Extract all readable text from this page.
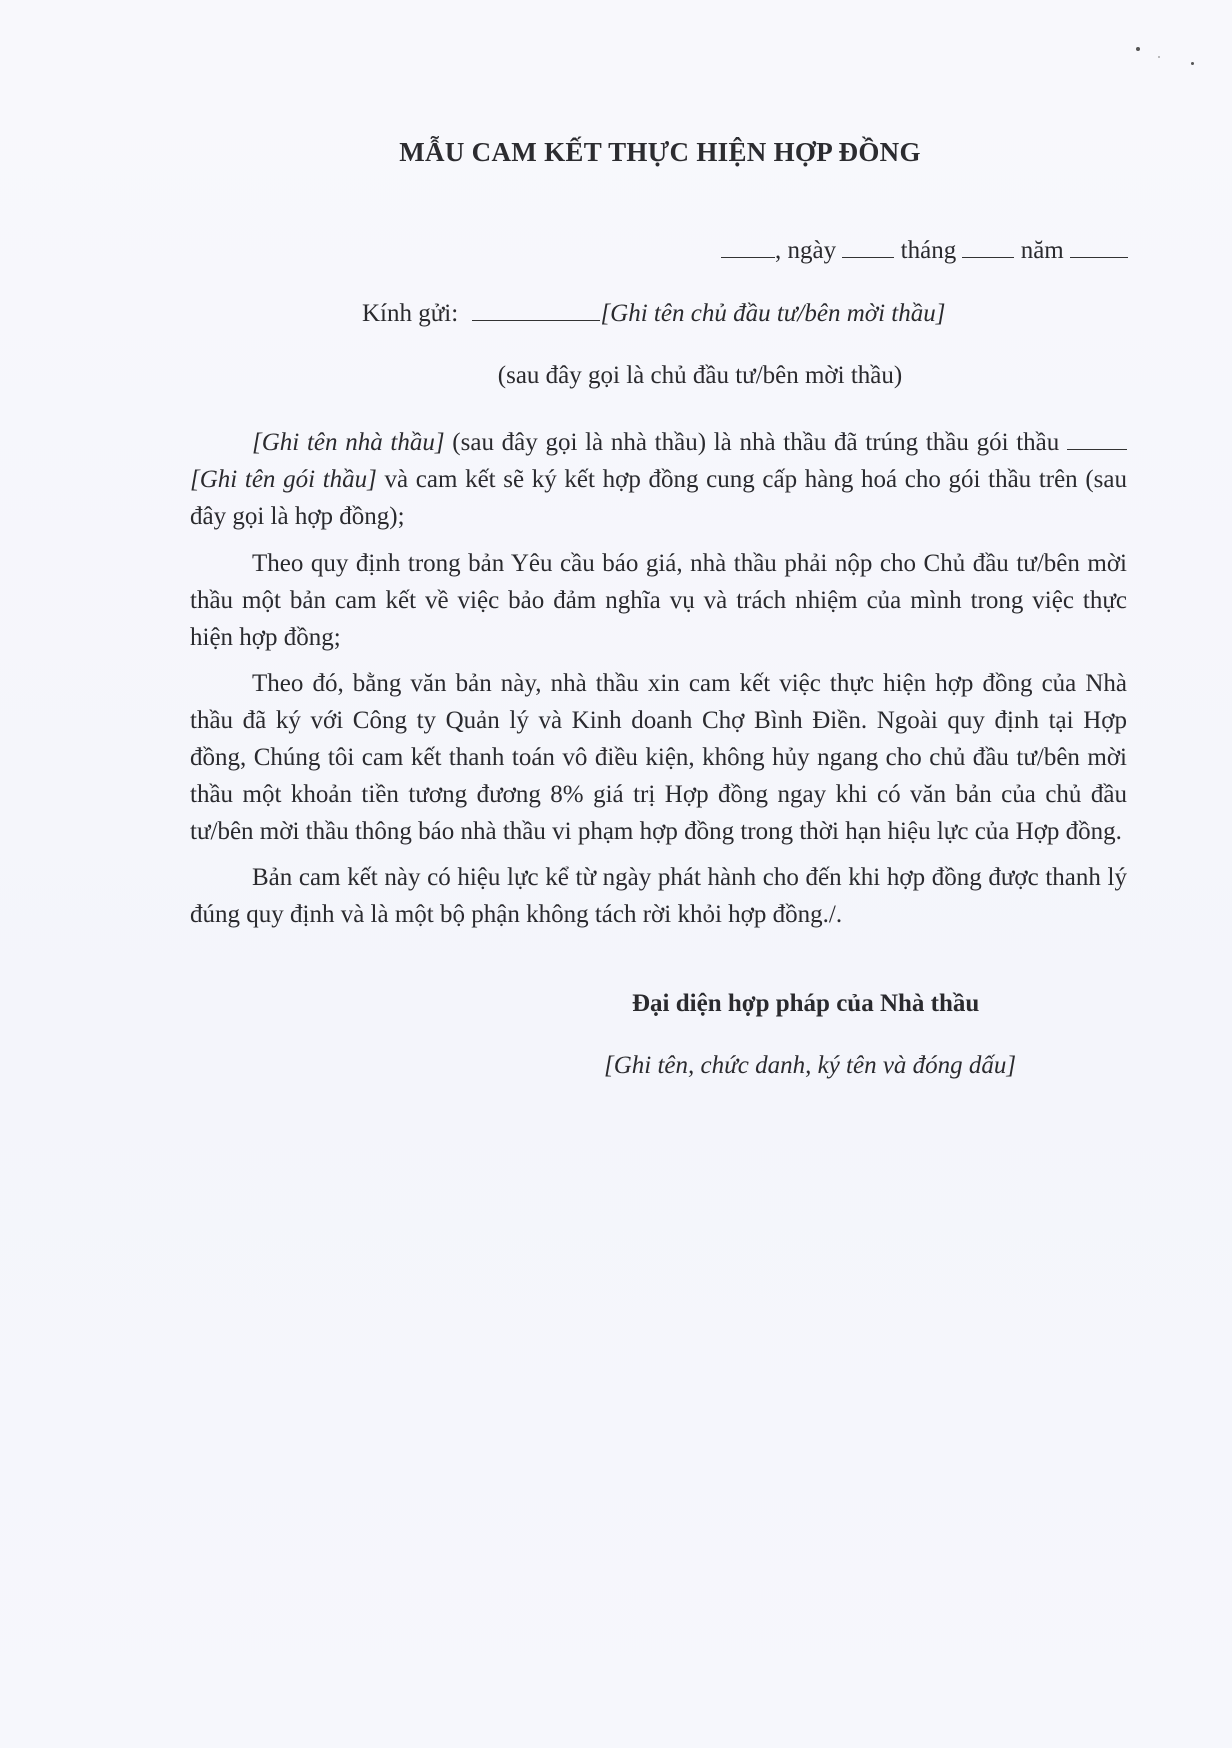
MẪU CAM KẾT THỰC HIỆN HỢP ĐỒNG
, ngày	tháng	năm
Kính gửi:	[Ghi tên chủ đầu tư/bên mời thầu]
(sau đây gọi là chủ đầu tư/bên mời thầu)

[Ghi tên nhà thầu] (sau đây gọi là nhà thầu) là nhà thầu đã trúng thầu gói thầu [Ghi tên gói thầu] và cam kết sẽ ký kết hợp đồng cung cấp hàng hoá cho gói thầu trên (sau đây gọi là hợp đồng);

Theo quy định trong bản Yêu cầu báo giá, nhà thầu phải nộp cho Chủ đầu tư/bên mời thầu một bản cam kết về việc bảo đảm nghĩa vụ và trách nhiệm của mình trong việc thực hiện hợp đồng;

Theo đó, bằng văn bản này, nhà thầu xin cam kết việc thực hiện hợp đồng của Nhà thầu đã ký với Công ty Quản lý và Kinh doanh Chợ Bình Điền. Ngoài quy định tại Hợp đồng, Chúng tôi cam kết thanh toán vô điều kiện, không hủy ngang cho chủ đầu tư/bên mời thầu một khoản tiền tương đương 8% giá trị Hợp đồng ngay khi có văn bản của chủ đầu tư/bên mời thầu thông báo nhà thầu vi phạm hợp đồng trong thời hạn hiệu lực của Hợp đồng.

Bản cam kết này có hiệu lực kể từ ngày phát hành cho đến khi hợp đồng được thanh lý đúng quy định và là một bộ phận không tách rời khỏi hợp đồng./.

Đại diện hợp pháp của Nhà thầu
[Ghi tên, chức danh, ký tên và đóng dấu]
